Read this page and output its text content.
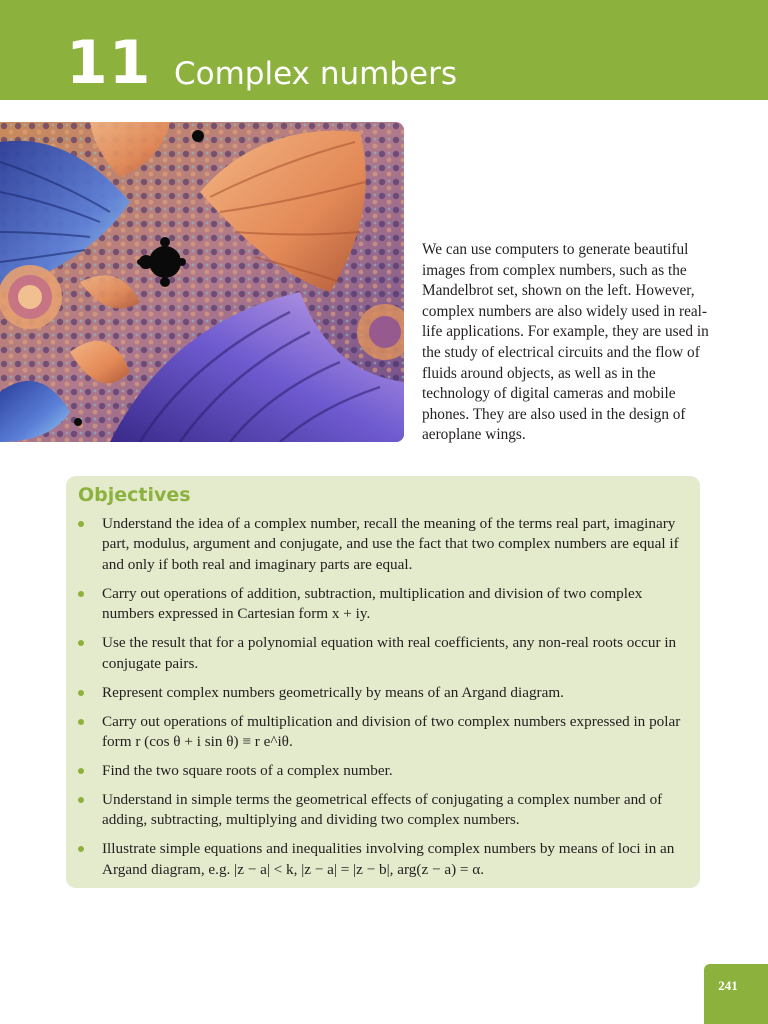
11 Complex numbers
We can use computers to generate beautiful images from complex numbers, such as the Mandelbrot set, shown on the left. However, complex numbers are also widely used in real-life applications. For example, they are used in the study of electrical circuits and the flow of fluids around objects, as well as in the technology of digital cameras and mobile phones. They are also used in the design of aeroplane wings.
Objectives
Understand the idea of a complex number, recall the meaning of the terms real part, imaginary part, modulus, argument and conjugate, and use the fact that two complex numbers are equal if and only if both real and imaginary parts are equal.
Carry out operations of addition, subtraction, multiplication and division of two complex numbers expressed in Cartesian form x + iy.
Use the result that for a polynomial equation with real coefficients, any non-real roots occur in conjugate pairs.
Represent complex numbers geometrically by means of an Argand diagram.
Carry out operations of multiplication and division of two complex numbers expressed in polar form r (cos θ + i sin θ) ≡ r e^iθ.
Find the two square roots of a complex number.
Understand in simple terms the geometrical effects of conjugating a complex number and of adding, subtracting, multiplying and dividing two complex numbers.
Illustrate simple equations and inequalities involving complex numbers by means of loci in an Argand diagram, e.g. |z − a| < k, |z − a| = |z − b|, arg(z − a) = α.
241
